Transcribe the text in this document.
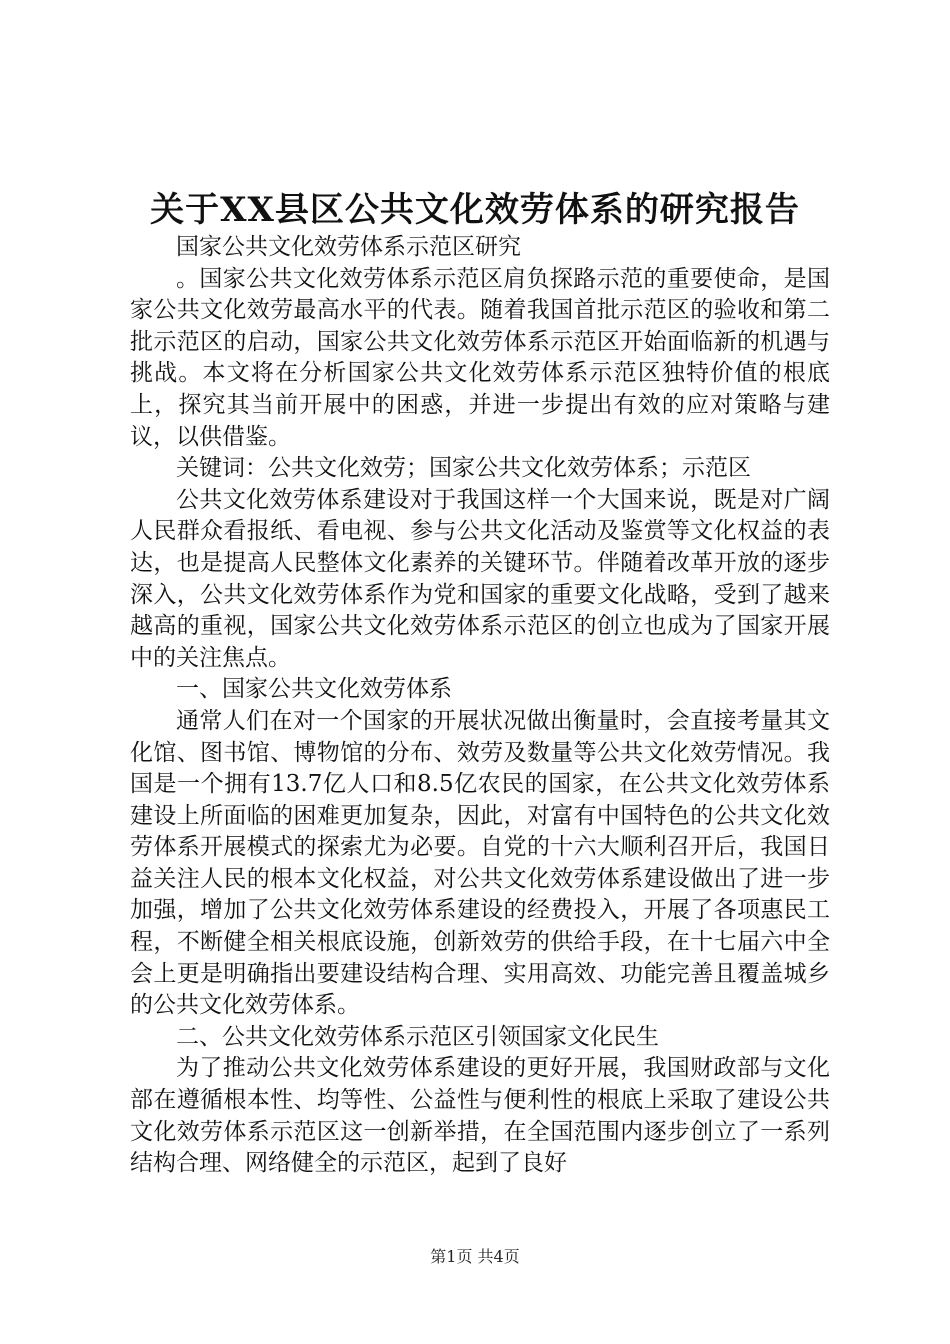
关于XX县区公共文化效劳体系的研究报告

国家公共文化效劳体系示范区研究

。国家公共文化效劳体系示范区肩负探路示范的重要使命，是国家公共文化效劳最高水平的代表。随着我国首批示范区的验收和第二批示范区的启动，国家公共文化效劳体系示范区开始面临新的机遇与挑战。本文将在分析国家公共文化效劳体系示范区独特价值的根底上，探究其当前开展中的困惑，并进一步提出有效的应对策略与建议，以供借鉴。

关键词：公共文化效劳；国家公共文化效劳体系；示范区

公共文化效劳体系建设对于我国这样一个大国来说，既是对广阔人民群众看报纸、看电视、参与公共文化活动及鉴赏等文化权益的表达，也是提高人民整体文化素养的关键环节。伴随着改革开放的逐步深入，公共文化效劳体系作为党和国家的重要文化战略，受到了越来越高的重视，国家公共文化效劳体系示范区的创立也成为了国家开展中的关注焦点。

一、国家公共文化效劳体系

通常人们在对一个国家的开展状况做出衡量时，会直接考量其文化馆、图书馆、博物馆的分布、效劳及数量等公共文化效劳情况。我国是一个拥有13.7亿人口和8.5亿农民的国家，在公共文化效劳体系建设上所面临的困难更加复杂，因此，对富有中国特色的公共文化效劳体系开展模式的探索尤为必要。自党的十六大顺利召开后，我国日益关注人民的根本文化权益，对公共文化效劳体系建设做出了进一步加强，增加了公共文化效劳体系建设的经费投入，开展了各项惠民工程，不断健全相关根底设施，创新效劳的供给手段，在十七届六中全会上更是明确指出要建设结构合理、实用高效、功能完善且覆盖城乡的公共文化效劳体系。

二、公共文化效劳体系示范区引领国家文化民生

为了推动公共文化效劳体系建设的更好开展，我国财政部与文化部在遵循根本性、均等性、公益性与便利性的根底上采取了建设公共文化效劳体系示范区这一创新举措，在全国范围内逐步创立了一系列结构合理、网络健全的示范区，起到了良好

第1页 共4页
